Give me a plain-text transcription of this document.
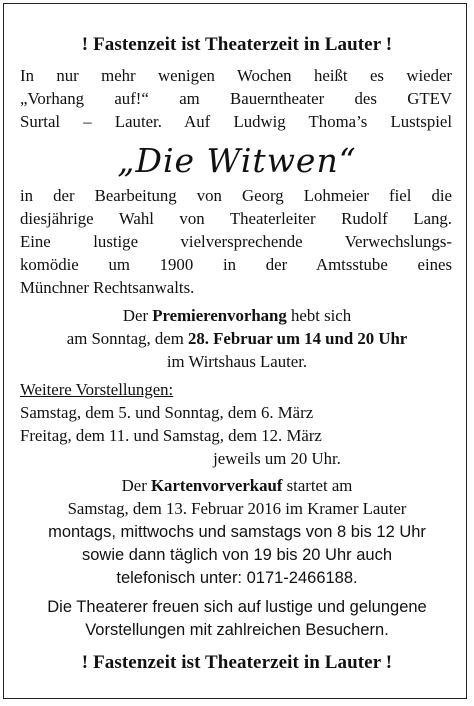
! Fastenzeit ist Theaterzeit in Lauter !
In nur mehr wenigen Wochen heißt es wieder
„Vorhang auf!“ am Bauerntheater des GTEV
Surtal – Lauter. Auf Ludwig Thoma’s Lustspiel
„Die Witwen“
in der Bearbeitung von Georg Lohmeier fiel die
diesjährige Wahl von Theaterleiter Rudolf Lang.
Eine lustige vielversprechende Verwechslungs-
komödie um 1900 in der Amtsstube eines
Münchner Rechtsanwalts.
Der Premierenvorhang hebt sich
am Sonntag, dem 28. Februar um 14 und 20 Uhr
im Wirtshaus Lauter.
Weitere Vorstellungen:
Samstag, dem 5. und Sonntag, dem 6. März
Freitag, dem 11. und Samstag, dem 12. März
jeweils um 20 Uhr.
Der Kartenvorverkauf startet am
Samstag, dem 13. Februar 2016 im Kramer Lauter
montags, mittwochs und samstags von 8 bis 12 Uhr
sowie dann täglich von 19 bis 20 Uhr auch
telefonisch unter: 0171-2466188.
Die Theaterer freuen sich auf lustige und gelungene
Vorstellungen mit zahlreichen Besuchern.
! Fastenzeit ist Theaterzeit in Lauter !
